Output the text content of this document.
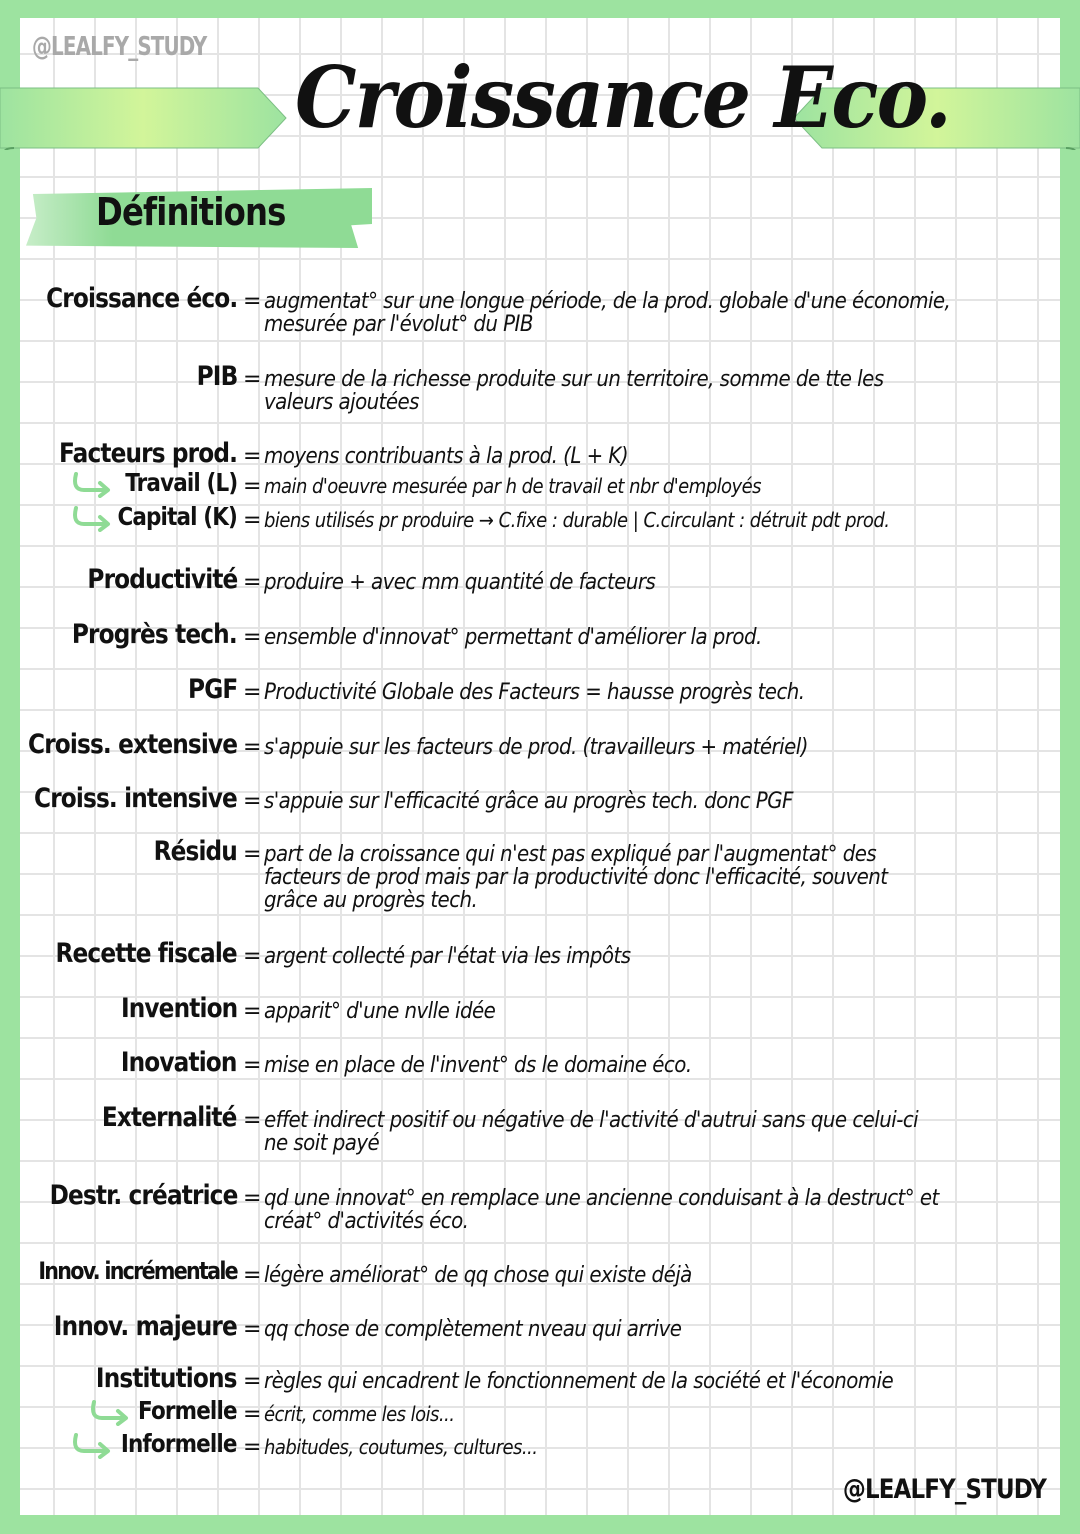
@LEALFY_STUDY
Croissance Eco.
Définitions
Croissance éco. = augmentat° sur une longue période, de la prod. globale d'une économie,
mesurée par l'évolut° du PIB
PIB = mesure de la richesse produite sur un territoire, somme de tte les
valeurs ajoutées
Facteurs prod. = moyens contribuants à la prod. (L + K)
Travail (L) = main d'oeuvre mesurée par h de travail et nbr d'employés
Capital (K) = biens utilisés pr produire → C.fixe : durable | C.circulant : détruit pdt prod.
Productivité = produire + avec mm quantité de facteurs
Progrès tech. = ensemble d'innovat° permettant d'améliorer la prod.
PGF = Productivité Globale des Facteurs = hausse progrès tech.
Croiss. extensive = s'appuie sur les facteurs de prod. (travailleurs + matériel)
Croiss. intensive = s'appuie sur l'efficacité grâce au progrès tech. donc PGF
Résidu = part de la croissance qui n'est pas expliqué par l'augmentat° des
facteurs de prod mais par la productivité donc l'efficacité, souvent
grâce au progrès tech.
Recette fiscale = argent collecté par l'état via les impôts
Invention = apparit° d'une nvlle idée
Inovation = mise en place de l'invent° ds le domaine éco.
Externalité = effet indirect positif ou négative de l'activité d'autrui sans que celui-ci
ne soit payé
Destr. créatrice = qd une innovat° en remplace une ancienne conduisant à la destruct° et
créat° d'activités éco.
Innov. incrémentale = légère améliorat° de qq chose qui existe déjà
Innov. majeure = qq chose de complètement nveau qui arrive
Institutions = règles qui encadrent le fonctionnement de la société et l'économie
Formelle = écrit, comme les lois...
Informelle = habitudes, coutumes, cultures...
@LEALFY_STUDY
